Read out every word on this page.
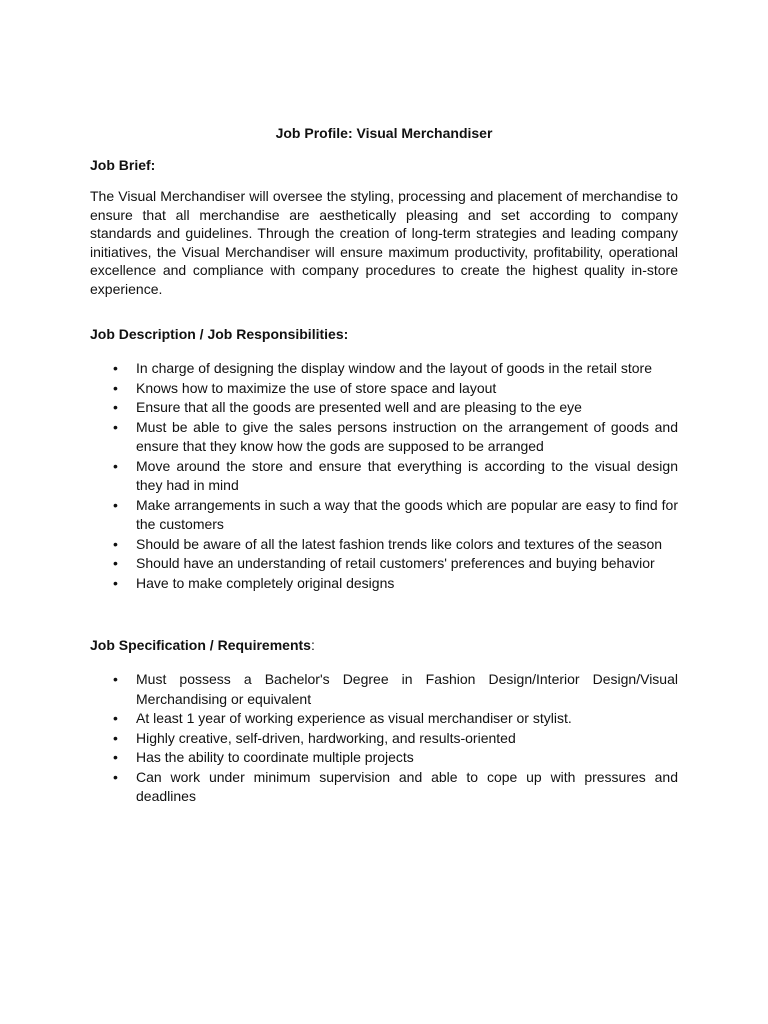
Job Profile: Visual Merchandiser

Job Brief:

The Visual Merchandiser will oversee the styling, processing and placement of merchandise to ensure that all merchandise are aesthetically pleasing and set according to company standards and guidelines. Through the creation of long-term strategies and leading company initiatives, the Visual Merchandiser will ensure maximum productivity, profitability, operational excellence and compliance with company procedures to create the highest quality in-store experience.

Job Description / Job Responsibilities:

• In charge of designing the display window and the layout of goods in the retail store
• Knows how to maximize the use of store space and layout
• Ensure that all the goods are presented well and are pleasing to the eye
• Must be able to give the sales persons instruction on the arrangement of goods and ensure that they know how the gods are supposed to be arranged
• Move around the store and ensure that everything is according to the visual design they had in mind
• Make arrangements in such a way that the goods which are popular are easy to find for the customers
• Should be aware of all the latest fashion trends like colors and textures of the season
• Should have an understanding of retail customers' preferences and buying behavior
• Have to make completely original designs

Job Specification / Requirements:

• Must possess a Bachelor's Degree in Fashion Design/Interior Design/Visual Merchandising or equivalent
• At least 1 year of working experience as visual merchandiser or stylist.
• Highly creative, self-driven, hardworking, and results-oriented
• Has the ability to coordinate multiple projects
• Can work under minimum supervision and able to cope up with pressures and deadlines
